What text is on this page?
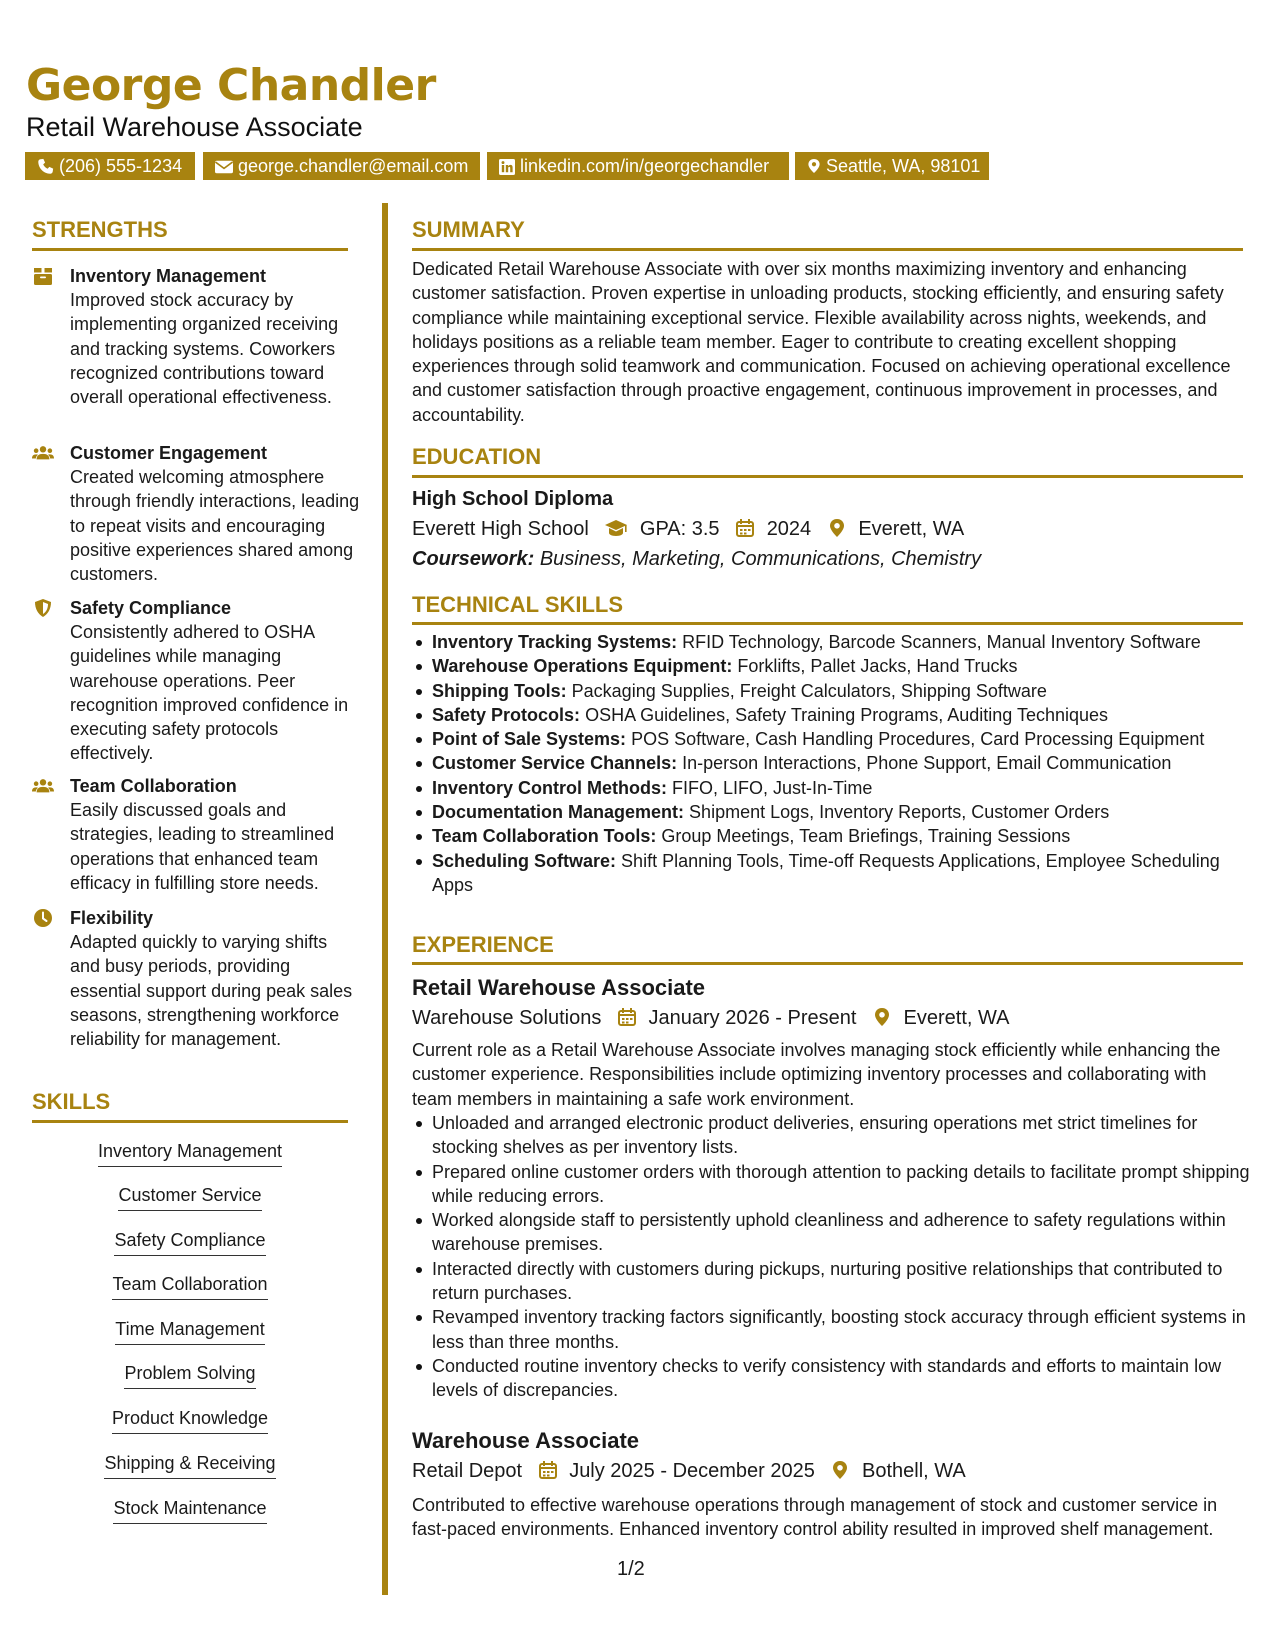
George Chandler
Retail Warehouse Associate
(206) 555-1234	george.chandler@email.com	linkedin.com/in/georgechandler	Seattle, WA, 98101
STRENGTHS
Inventory Management
Improved stock accuracy by implementing organized receiving and tracking systems. Coworkers recognized contributions toward overall operational effectiveness.
Customer Engagement
Created welcoming atmosphere through friendly interactions, leading to repeat visits and encouraging positive experiences shared among customers.
Safety Compliance
Consistently adhered to OSHA guidelines while managing warehouse operations. Peer recognition improved confidence in executing safety protocols effectively.
Team Collaboration
Easily discussed goals and strategies, leading to streamlined operations that enhanced team efficacy in fulfilling store needs.
Flexibility
Adapted quickly to varying shifts and busy periods, providing essential support during peak sales seasons, strengthening workforce reliability for management.
SKILLS
Inventory Management
Customer Service
Safety Compliance
Team Collaboration
Time Management
Problem Solving
Product Knowledge
Shipping & Receiving
Stock Maintenance
SUMMARY
Dedicated Retail Warehouse Associate with over six months maximizing inventory and enhancing customer satisfaction. Proven expertise in unloading products, stocking efficiently, and ensuring safety compliance while maintaining exceptional service. Flexible availability across nights, weekends, and holidays positions as a reliable team member. Eager to contribute to creating excellent shopping experiences through solid teamwork and communication. Focused on achieving operational excellence and customer satisfaction through proactive engagement, continuous improvement in processes, and accountability.
EDUCATION
High School Diploma
Everett High School	GPA: 3.5 2024 Everett, WA
Coursework: Business, Marketing, Communications, Chemistry
TECHNICAL SKILLS
Inventory Tracking Systems: RFID Technology, Barcode Scanners, Manual Inventory Software
Warehouse Operations Equipment: Forklifts, Pallet Jacks, Hand Trucks
Shipping Tools: Packaging Supplies, Freight Calculators, Shipping Software
Safety Protocols: OSHA Guidelines, Safety Training Programs, Auditing Techniques
Point of Sale Systems: POS Software, Cash Handling Procedures, Card Processing Equipment
Customer Service Channels: In-person Interactions, Phone Support, Email Communication
Inventory Control Methods: FIFO, LIFO, Just-In-Time
Documentation Management: Shipment Logs, Inventory Reports, Customer Orders
Team Collaboration Tools: Group Meetings, Team Briefings, Training Sessions
Scheduling Software: Shift Planning Tools, Time-off Requests Applications, Employee Scheduling Apps
EXPERIENCE
Retail Warehouse Associate
Warehouse Solutions January 2026 - Present Everett, WA
Current role as a Retail Warehouse Associate involves managing stock efficiently while enhancing the customer experience. Responsibilities include optimizing inventory processes and collaborating with team members in maintaining a safe work environment.
Unloaded and arranged electronic product deliveries, ensuring operations met strict timelines for stocking shelves as per inventory lists.
Prepared online customer orders with thorough attention to packing details to facilitate prompt shipping while reducing errors.
Worked alongside staff to persistently uphold cleanliness and adherence to safety regulations within warehouse premises.
Interacted directly with customers during pickups, nurturing positive relationships that contributed to return purchases.
Revamped inventory tracking factors significantly, boosting stock accuracy through efficient systems in less than three months.
Conducted routine inventory checks to verify consistency with standards and efforts to maintain low levels of discrepancies.
Warehouse Associate
Retail Depot July 2025 - December 2025 Bothell, WA
Contributed to effective warehouse operations through management of stock and customer service in fast-paced environments. Enhanced inventory control ability resulted in improved shelf management.
1/2
